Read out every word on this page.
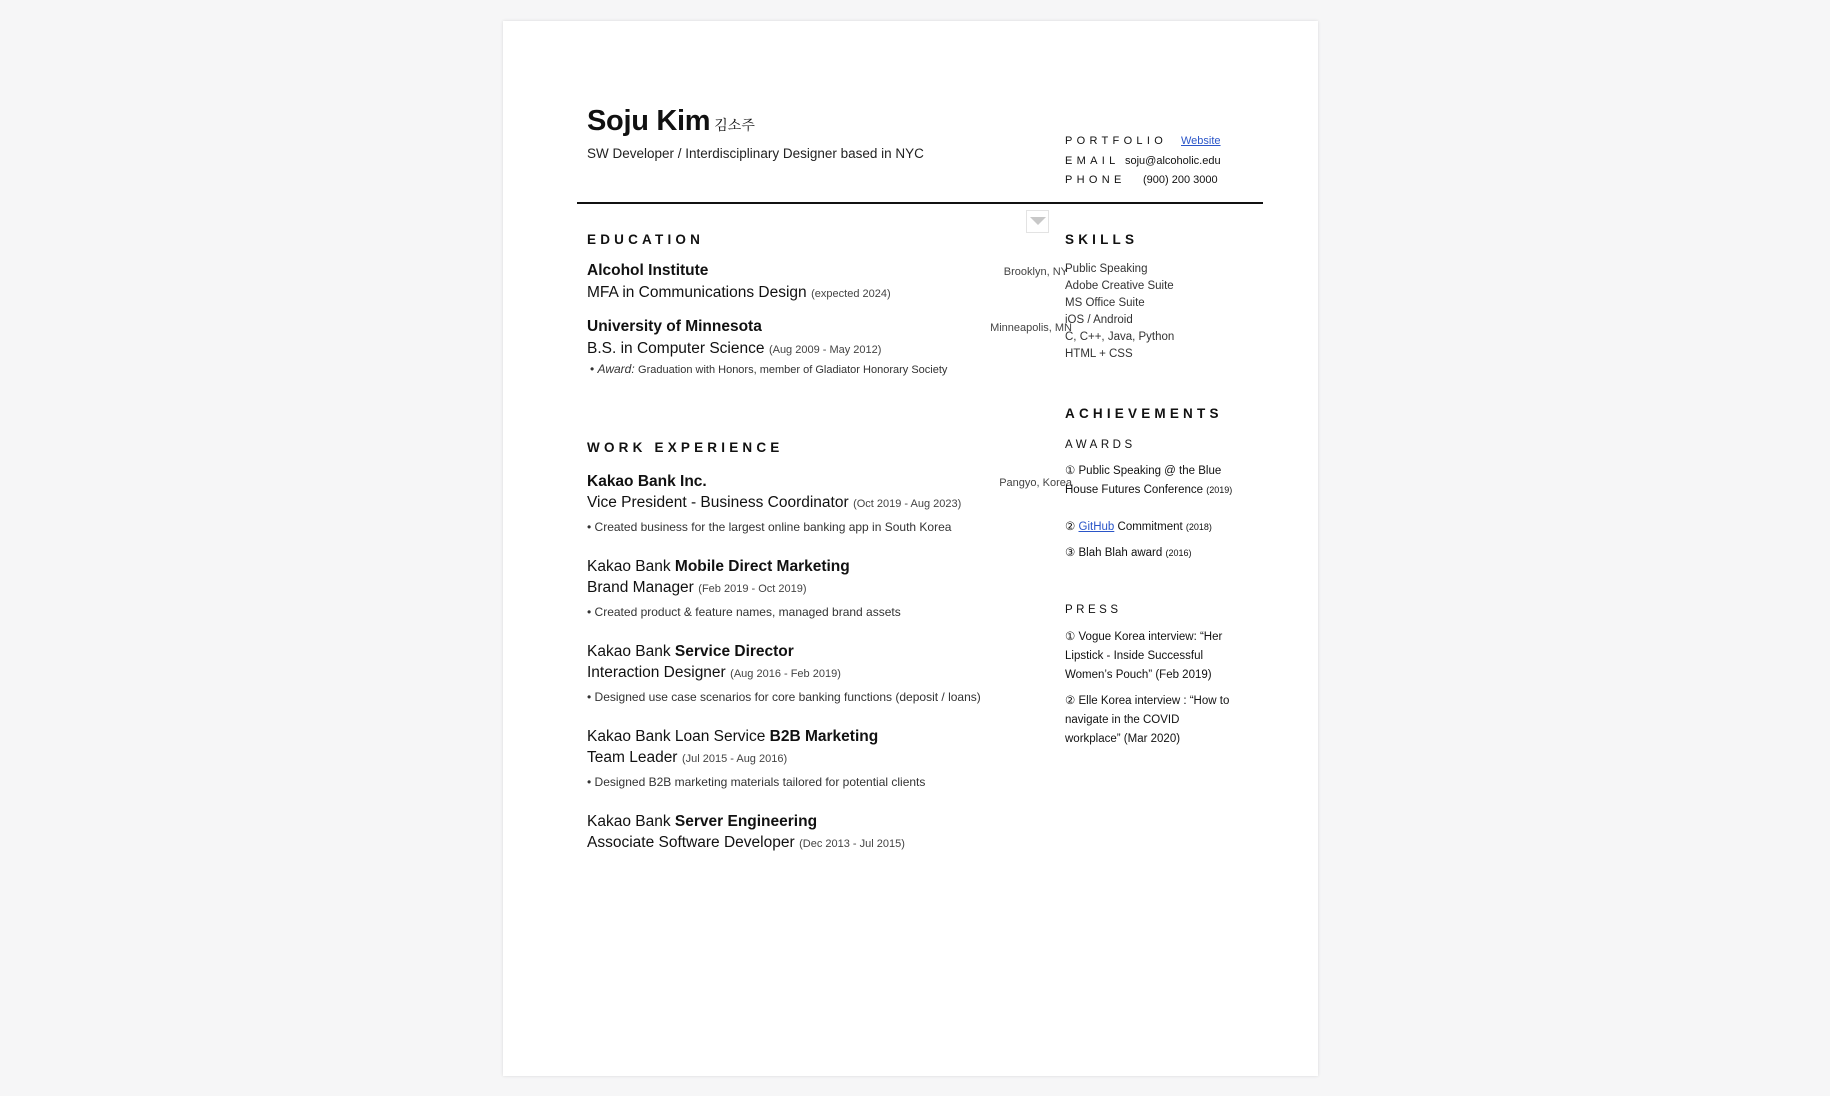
Soju Kim 김소주
SW Developer / Interdisciplinary Designer based in NYC
PORTFOLIO Website
EMAIL soju@alcoholic.edu
PHONE (900) 200 3000
EDUCATION
Alcohol Institute	Brooklyn, NY
MFA in Communications Design (expected 2024)
University of Minnesota	Minneapolis, MN
B.S. in Computer Science (Aug 2009 - May 2012)
• Award: Graduation with Honors, member of Gladiator Honorary Society
WORK EXPERIENCE
Kakao Bank Inc.	Pangyo, Korea
Vice President - Business Coordinator (Oct 2019 - Aug 2023)
• Created business for the largest online banking app in South Korea
Kakao Bank Mobile Direct Marketing
Brand Manager (Feb 2019 - Oct 2019)
• Created product & feature names, managed brand assets
Kakao Bank Service Director
Interaction Designer (Aug 2016 - Feb 2019)
• Designed use case scenarios for core banking functions (deposit / loans)
Kakao Bank Loan Service B2B Marketing
Team Leader (Jul 2015 - Aug 2016)
• Designed B2B marketing materials tailored for potential clients
Kakao Bank Server Engineering
Associate Software Developer (Dec 2013 - Jul 2015)
SKILLS
Public Speaking
Adobe Creative Suite
MS Office Suite
iOS / Android
C, C++, Java, Python
HTML + CSS
ACHIEVEMENTS
AWARDS
① Public Speaking @ the Blue House Futures Conference (2019)
② GitHub Commitment (2018)
③ Blah Blah award (2016)
PRESS
① Vogue Korea interview: “Her Lipstick - Inside Successful Women’s Pouch” (Feb 2019)
② Elle Korea interview : “How to navigate in the COVID workplace” (Mar 2020)
